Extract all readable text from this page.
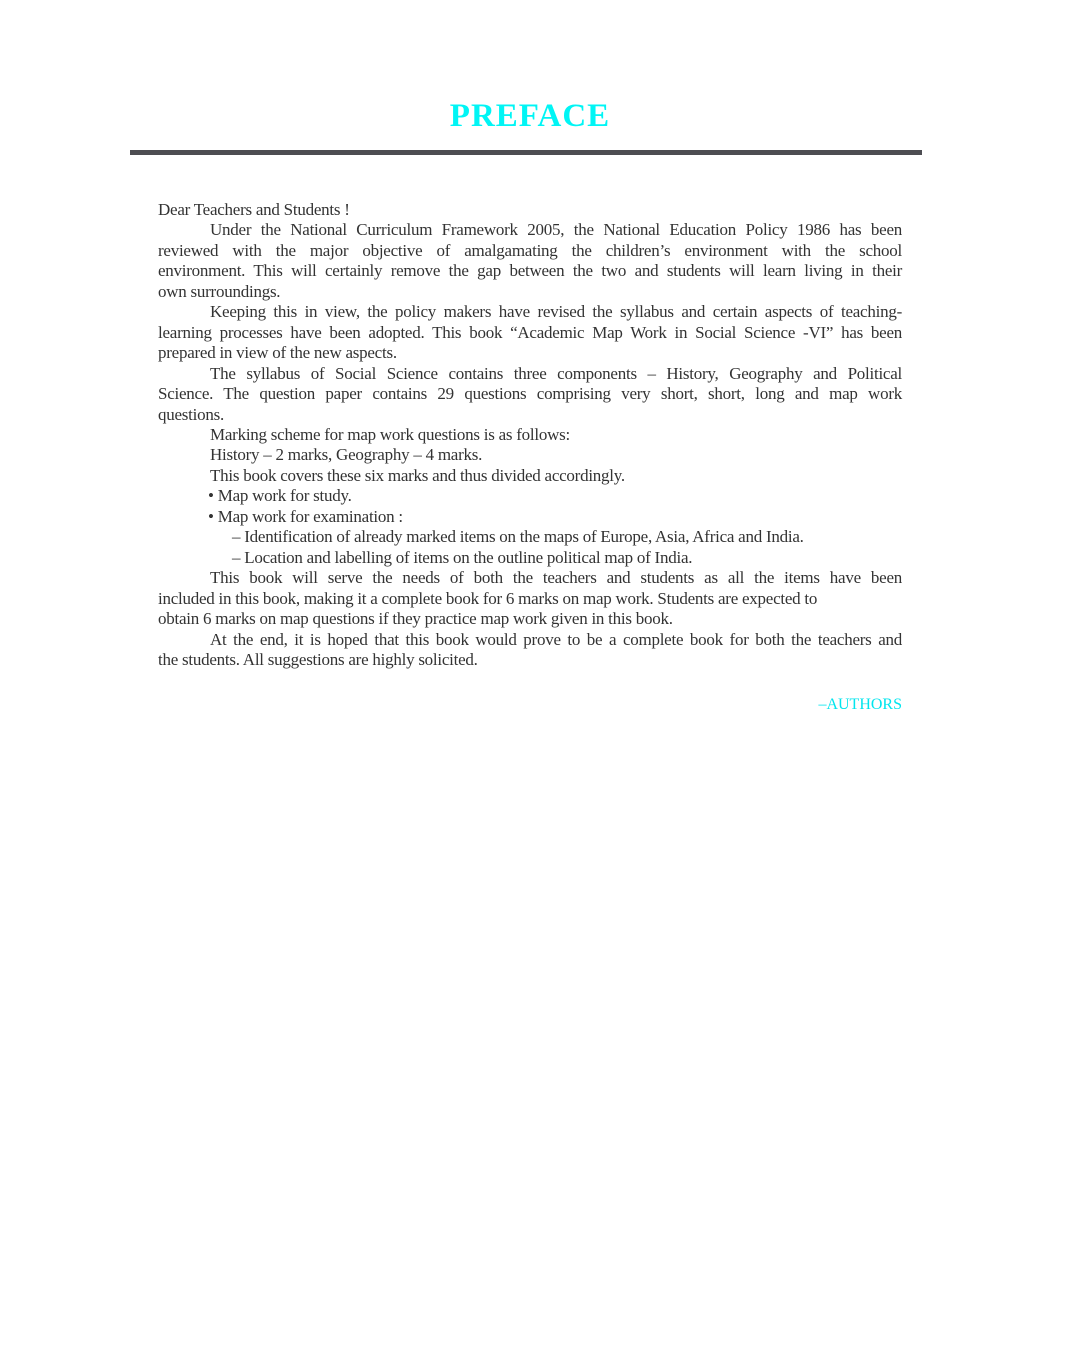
PREFACE
Dear Teachers and Students !
Under the National Curriculum Framework 2005, the National Education Policy 1986 has been
reviewed with the major objective of amalgamating the children’s environment with the school
environment. This will certainly remove the gap between the two and students will learn living in their
own surroundings.
Keeping this in view, the policy makers have revised the syllabus and certain aspects of teaching-
learning processes have been adopted. This book “Academic Map Work in Social Science -VI” has been
prepared in view of the new aspects.
The syllabus of Social Science contains three components – History, Geography and Political
Science. The question paper contains 29 questions comprising very short, short, long and map work
questions.
Marking scheme for map work questions is as follows:
History – 2 marks, Geography – 4 marks.
This book covers these six marks and thus divided accordingly.
• Map work for study.
• Map work for examination :
– Identification of already marked items on the maps of Europe, Asia, Africa and India.
– Location and labelling of items on the outline political map of India.
This book will serve the needs of both the teachers and students as all the items have been
included in this book, making it a complete book for 6 marks on map work. Students are expected to
obtain 6 marks on map questions if they practice map work given in this book.
At the end, it is hoped that this book would prove to be a complete book for both the teachers and
the students. All suggestions are highly solicited.
–AUTHORS
